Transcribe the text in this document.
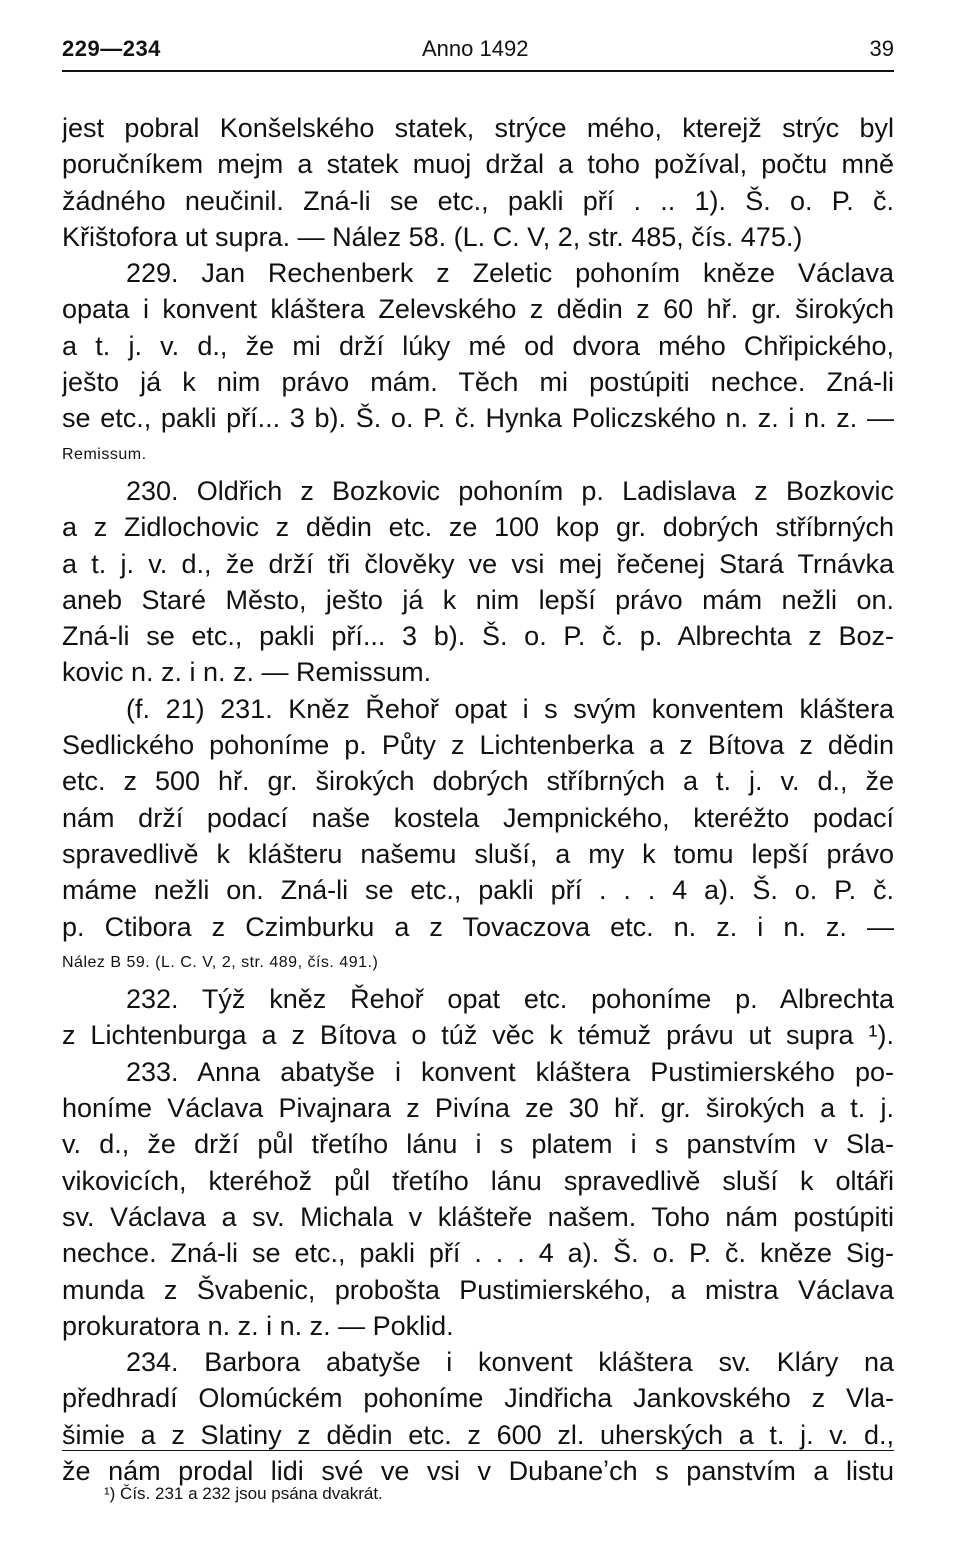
229—234	Anno 1492	39
jest pobral Konšelského statek, strýce mého, kterejž strýc byl
poručníkem mejm a statek muoj držal a toho požíval, počtu mně
žádného neučinil. Zná-li se etc., pakli pří . .. 1). Š. o. P. č.
Křištofora ut supra. — Nález 58. (L. C. V, 2, str. 485, čís. 475.)
229. Jan Rechenberk z Zeletic pohoním kněze Václava
opata i konvent kláštera Zelevského z dědin z 60 hř. gr. širokých
a t. j. v. d., že mi drží lúky mé od dvora mého Chřipického,
ješto já k nim právo mám. Těch mi postúpiti nechce. Zná-li
se etc., pakli pří... 3 b). Š. o. P. č. Hynka Policzského n. z. i n. z. —
Remissum.
230. Oldřich z Bozkovic pohoním p. Ladislava z Bozkovic
a z Zidlochovic z dědin etc. ze 100 kop gr. dobrých stříbrných
a t. j. v. d., že drží tři člověky ve vsi mej řečenej Stará Trnávka
aneb Staré Město, ješto já k nim lepší právo mám nežli on.
Zná-li se etc., pakli pří... 3 b). Š. o. P. č. p. Albrechta z Boz-
kovic n. z. i n. z. — Remissum.
(f. 21) 231. Kněz Řehoř opat i s svým konventem kláštera
Sedlického pohoníme p. Půty z Lichtenberka a z Bítova z dědin
etc. z 500 hř. gr. širokých dobrých stříbrných a t. j. v. d., že
nám drží podací naše kostela Jempnického, kteréžto podací
spravedlivě k klášteru našemu sluší, a my k tomu lepší právo
máme nežli on. Zná-li se etc., pakli pří . . . 4 a). Š. o. P. č.
p. Ctibora z Czimburku a z Tovaczova etc. n. z. i n. z. —
Nález B 59. (L. C. V, 2, str. 489, čís. 491.)
232. Týž kněz Řehoř opat etc. pohoníme p. Albrechta
z Lichtenburga a z Bítova o túž věc k témuž právu ut supra ¹).
233. Anna abatyše i konvent kláštera Pustimierského po-
honíme Václava Pivajnara z Pivína ze 30 hř. gr. širokých a t. j.
v. d., že drží půl třetího lánu i s platem i s panstvím v Sla-
vikovicích, kteréhož půl třetího lánu spravedlivě sluší k oltáři
sv. Václava a sv. Michala v klášteře našem. Toho nám postúpiti
nechce. Zná-li se etc., pakli pří . . . 4 a). Š. o. P. č. kněze Sig-
munda z Švabenic, probošta Pustimierského, a mistra Václava
prokuratora n. z. i n. z. — Poklid.
234. Barbora abatyše i konvent kláštera sv. Kláry na
předhradí Olomúckém pohoníme Jindřicha Jankovského z Vla-
šimie a z Slatiny z dědin etc. z 600 zl. uherských a t. j. v. d.,
že nám prodal lidi své ve vsi v Dubaneʼch s panstvím a listu
¹) Čís. 231 a 232 jsou psána dvakrát.
